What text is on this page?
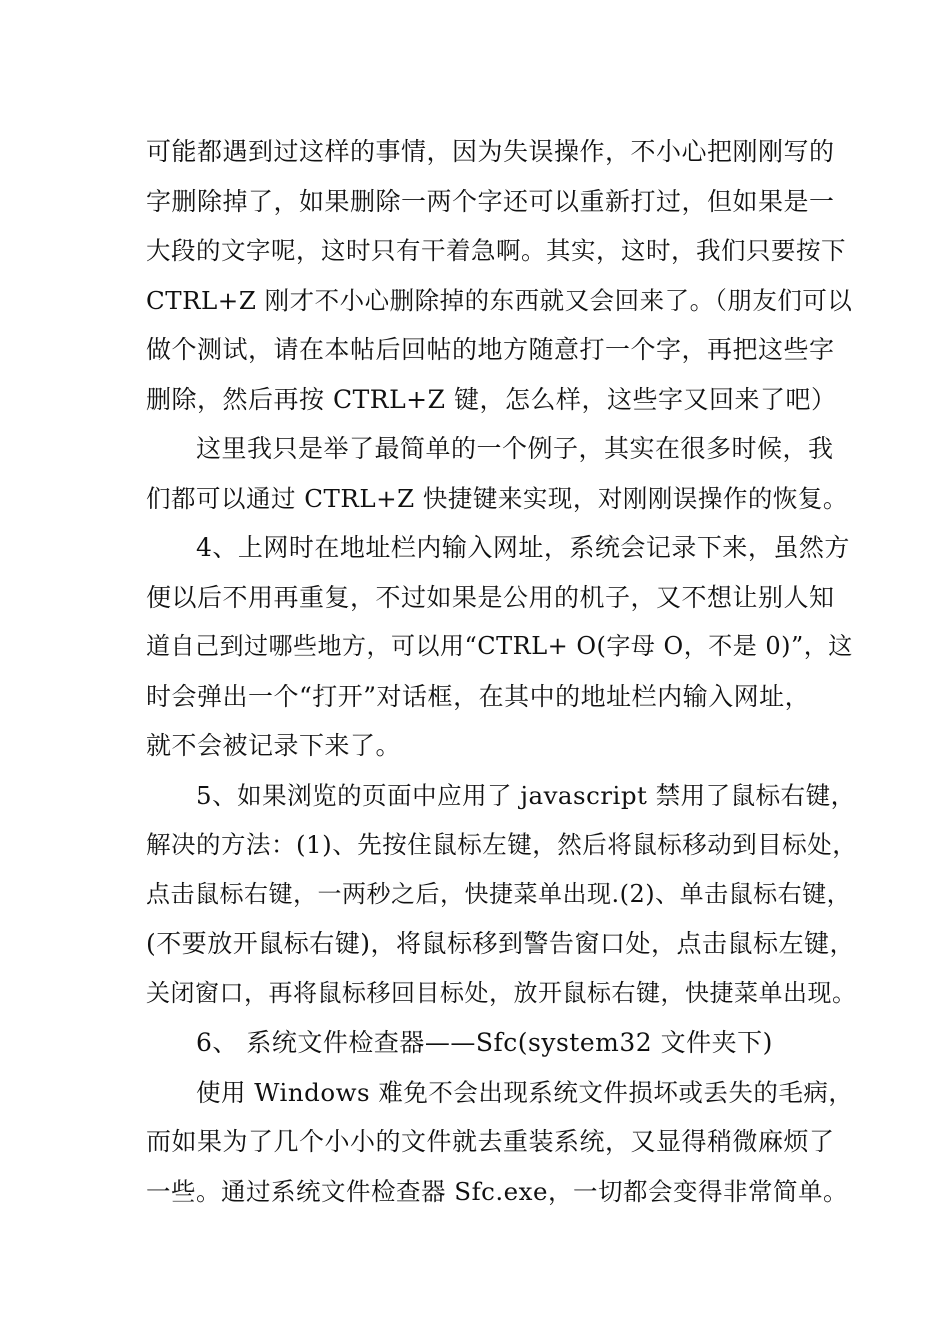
可能都遇到过这样的事情，因为失误操作，不小心把刚刚写的
字删除掉了，如果删除一两个字还可以重新打过，但如果是一
大段的文字呢，这时只有干着急啊。其实，这时，我们只要按下
CTRL+Z 刚才不小心删除掉的东西就又会回来了。（朋友们可以
做个测试，请在本帖后回帖的地方随意打一个字，再把这些字
删除，然后再按 CTRL+Z 键，怎么样，这些字又回来了吧）
这里我只是举了最简单的一个例子，其实在很多时候，我
们都可以通过 CTRL+Z 快捷键来实现，对刚刚误操作的恢复。
4、上网时在地址栏内输入网址，系统会记录下来，虽然方
便以后不用再重复，不过如果是公用的机子，又不想让别人知
道自己到过哪些地方，可以用“CTRL+ O(字母 O，不是 0)”，这
时会弹出一个“打开”对话框，在其中的地址栏内输入网址，
就不会被记录下来了。
5、如果浏览的页面中应用了 javascript 禁用了鼠标右键，
解决的方法：(1)、先按住鼠标左键，然后将鼠标移动到目标处，
点击鼠标右键，一两秒之后，快捷菜单出现.(2)、单击鼠标右键，
(不要放开鼠标右键)，将鼠标移到警告窗口处，点击鼠标左键，
关闭窗口，再将鼠标移回目标处，放开鼠标右键，快捷菜单出现。
6、 系统文件检查器——Sfc(system32 文件夹下)
使用 Windows 难免不会出现系统文件损坏或丢失的毛病，
而如果为了几个小小的文件就去重装系统，又显得稍微麻烦了
一些。通过系统文件检查器 Sfc.exe，一切都会变得非常简单。
